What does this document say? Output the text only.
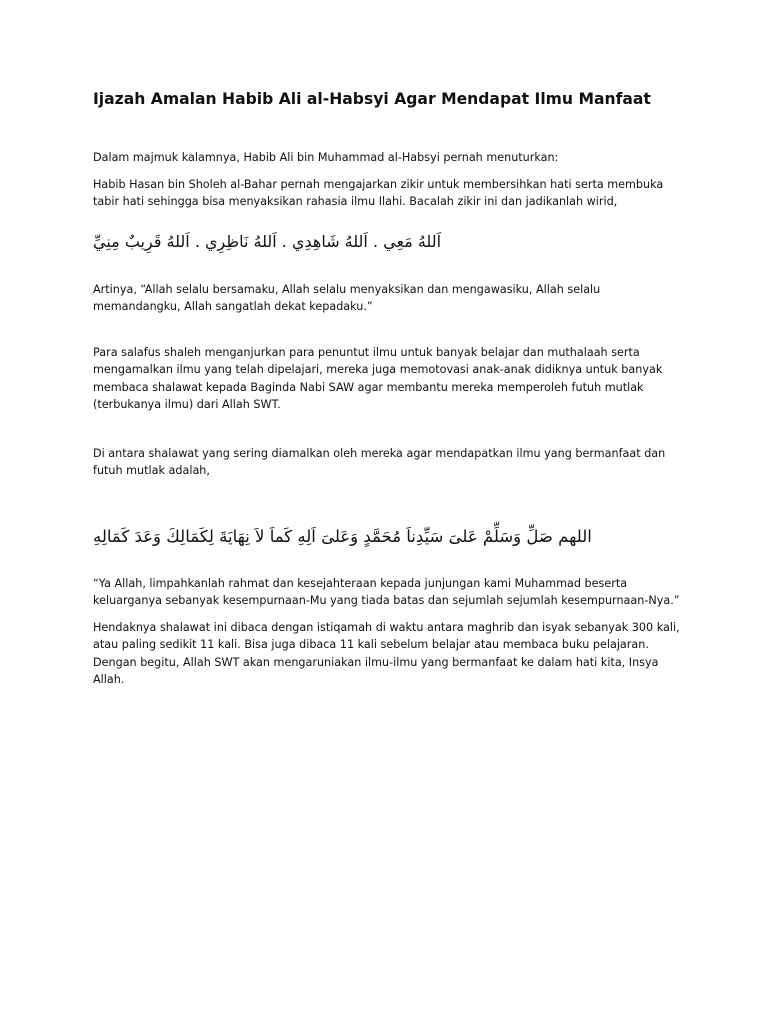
Ijazah Amalan Habib Ali al-Habsyi Agar Mendapat Ilmu Manfaat

Dalam majmuk kalamnya, Habib Ali bin Muhammad al-Habsyi pernah menuturkan:

Habib Hasan bin Sholeh al-Bahar pernah mengajarkan zikir untuk membersihkan hati serta membuka tabir hati sehingga bisa menyaksikan rahasia ilmu Ilahi. Bacalah zikir ini dan jadikanlah wirid,

اَللهُ مَعِي . اَللهُ شَاهِدِي . اَللهُ نَاظِرِي . اَللهُ قَرِيبٌ مِنِيِّ

Artinya, “Allah selalu bersamaku, Allah selalu menyaksikan dan mengawasiku, Allah selalu memandangku, Allah sangatlah dekat kepadaku.”

Para salafus shaleh menganjurkan para penuntut ilmu untuk banyak belajar dan muthalaah serta mengamalkan ilmu yang telah dipelajari, mereka juga memotovasi anak-anak didiknya untuk banyak membaca shalawat kepada Baginda Nabi SAW agar membantu mereka memperoleh futuh mutlak (terbukanya ilmu) dari Allah SWT.

Di antara shalawat yang sering diamalkan oleh mereka agar mendapatkan ilmu yang bermanfaat dan futuh mutlak adalah,

اللهم صَلِّ وَسَلِّمْ عَلىَ سَيِّدِناَ مُحَمَّدٍ وَعَلىَ اَلِهِ كَماَ لاَ نِهَايَةَ لِكَمَالِكَ وَعَدَ كَمَالِهِ

“Ya Allah, limpahkanlah rahmat dan kesejahteraan kepada junjungan kami Muhammad beserta keluarganya sebanyak kesempurnaan-Mu yang tiada batas dan sejumlah sejumlah kesempurnaan-Nya.”

Hendaknya shalawat ini dibaca dengan istiqamah di waktu antara maghrib dan isyak sebanyak 300 kali, atau paling sedikit 11 kali. Bisa juga dibaca 11 kali sebelum belajar atau membaca buku pelajaran. Dengan begitu, Allah SWT akan mengaruniakan ilmu-ilmu yang bermanfaat ke dalam hati kita, Insya Allah.
